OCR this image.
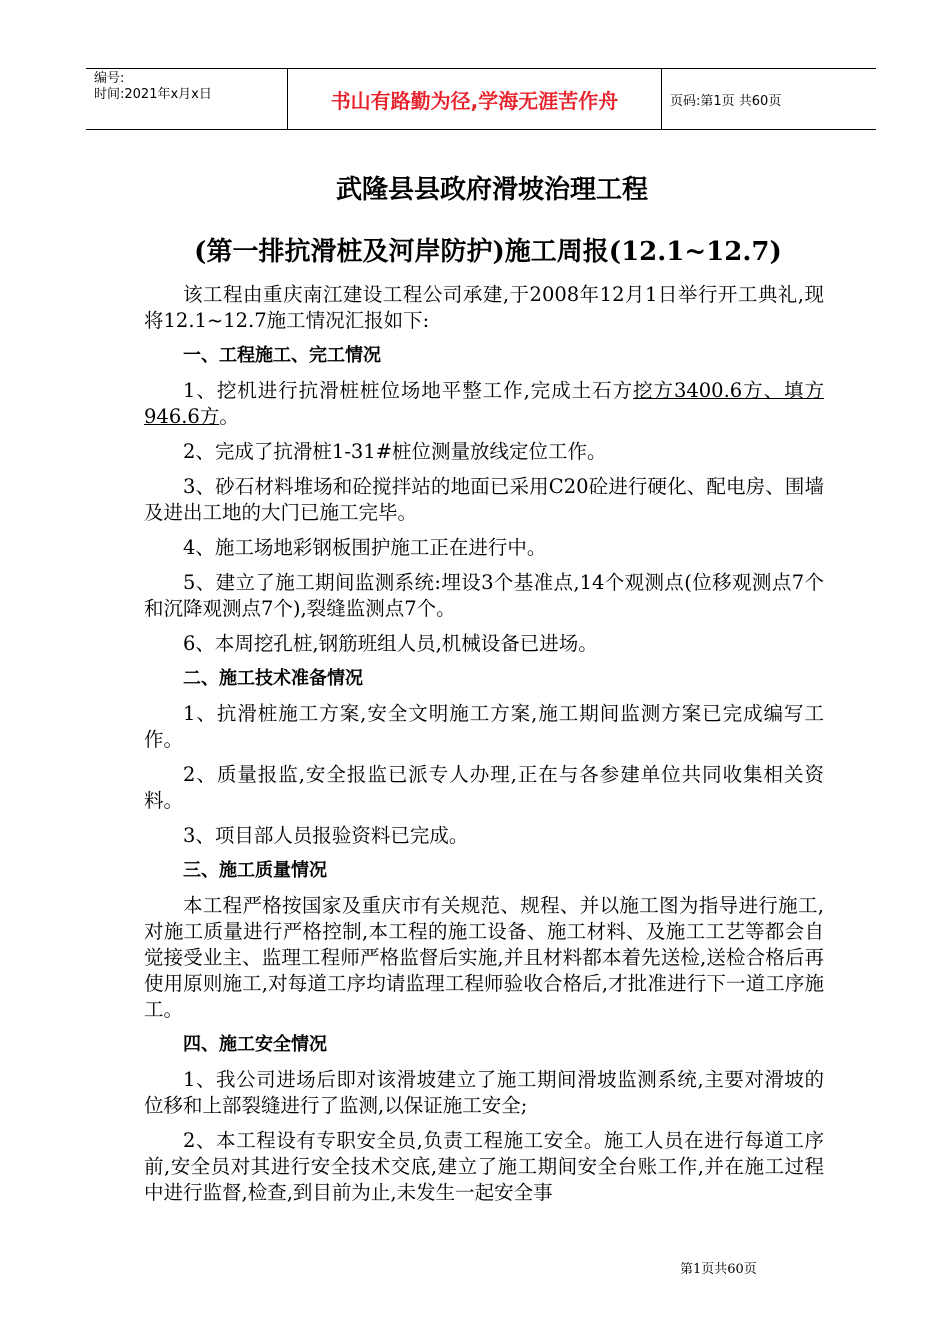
编号:
时间:2021年x月x日	书山有路勤为径,学海无涯苦作舟	页码:第1页 共60页
武隆县县政府滑坡治理工程
(第一排抗滑桩及河岸防护)施工周报(12.1~12.7)

该工程由重庆南江建设工程公司承建,于2008年12月1日举行开工典礼,现将12.1~12.7施工情况汇报如下:

一、工程施工、完工情况

1、挖机进行抗滑桩桩位场地平整工作,完成土石方挖方3400.6方、填方946.6方。

2、完成了抗滑桩1-31#桩位测量放线定位工作。

3、砂石材料堆场和砼搅拌站的地面已采用C20砼进行硬化、配电房、围墙及进出工地的大门已施工完毕。

4、施工场地彩钢板围护施工正在进行中。

5、建立了施工期间监测系统:埋设3个基准点,14个观测点(位移观测点7个和沉降观测点7个),裂缝监测点7个。

6、本周挖孔桩,钢筋班组人员,机械设备已进场。

二、施工技术准备情况

1、抗滑桩施工方案,安全文明施工方案,施工期间监测方案已完成编写工作。

2、质量报监,安全报监已派专人办理,正在与各参建单位共同收集相关资料。

3、项目部人员报验资料已完成。

三、施工质量情况

本工程严格按国家及重庆市有关规范、规程、并以施工图为指导进行施工,对施工质量进行严格控制,本工程的施工设备、施工材料、及施工工艺等都会自觉接受业主、监理工程师严格监督后实施,并且材料都本着先送检,送检合格后再使用原则施工,对每道工序均请监理工程师验收合格后,才批准进行下一道工序施工。

四、施工安全情况

1、我公司进场后即对该滑坡建立了施工期间滑坡监测系统,主要对滑坡的位移和上部裂缝进行了监测,以保证施工安全;

2、本工程设有专职安全员,负责工程施工安全。施工人员在进行每道工序前,安全员对其进行安全技术交底,建立了施工期间安全台账工作,并在施工过程中进行监督,检查,到目前为止,未发生一起安全事

第1页共60页
